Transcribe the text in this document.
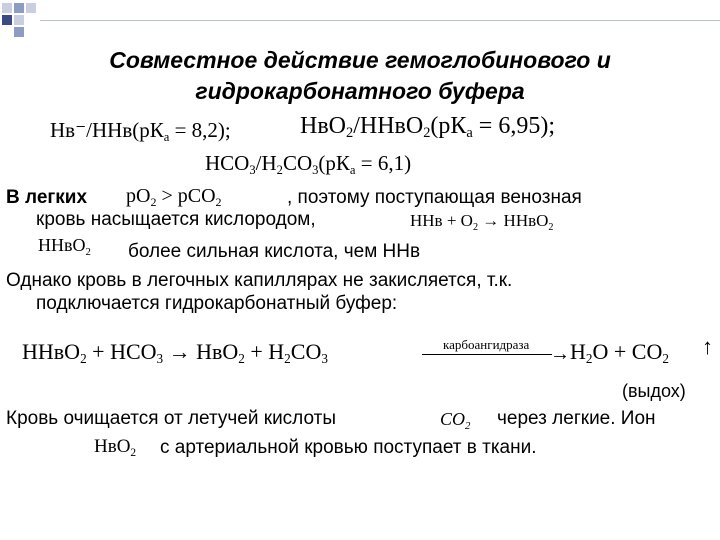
Совместное действие гемоглобинового и
гидрокарбонатного буфера
Нв⁻/ННв(рКа = 8,2);	НвО2/ННвО2(рКа = 6,95);
НСО3/Н2СО3(рКа = 6,1)
В легких $рО_2 > рСО_2$	, поэтому поступающая венозная
кровь насыщается кислородом,	ННв + $О_2$ → ННвО$_2$
ННвО$_2$ более сильная кислота, чем ННв
Однако кровь в легочных капиллярах не закисляется, т.к.
подключается гидрокарбонатный буфер:
ННвО2 + НСО3 → НвО2 + Н2СО3
карбоангидраза → Н2О + СО2 ↑
(выдох)
Кровь очищается от летучей кислоты	$СО_2$ через легкие. Ион
НвО$_2$ с артериальной кровью поступает в ткани.
